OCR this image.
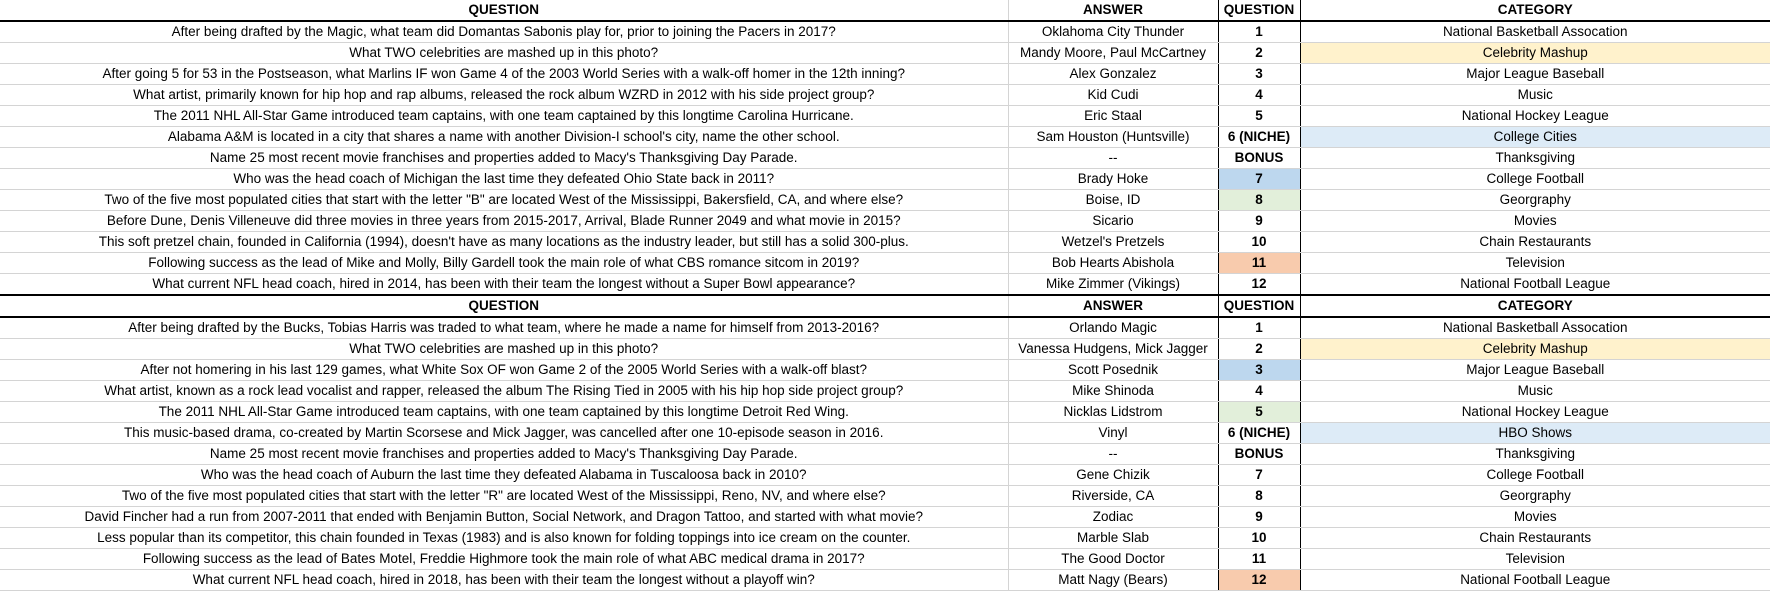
QUESTION	ANSWER	QUESTION	CATEGORY
After being drafted by the Magic, what team did Domantas Sabonis play for, prior to joining the Pacers in 2017?	Oklahoma City Thunder	1	National Basketball Assocation
What TWO celebrities are mashed up in this photo?	Mandy Moore, Paul McCartney	2	Celebrity Mashup
After going 5 for 53 in the Postseason, what Marlins IF won Game 4 of the 2003 World Series with a walk-off homer in the 12th inning?	Alex Gonzalez	3	Major League Baseball
What artist, primarily known for hip hop and rap albums, released the rock album WZRD in 2012 with his side project group?	Kid Cudi	4	Music
The 2011 NHL All-Star Game introduced team captains, with one team captained by this longtime Carolina Hurricane.	Eric Staal	5	National Hockey League
Alabama A&M is located in a city that shares a name with another Division-I school's city, name the other school.	Sam Houston (Huntsville)	6 (NICHE)	College Cities
Name 25 most recent movie franchises and properties added to Macy's Thanksgiving Day Parade.	--	BONUS	Thanksgiving
Who was the head coach of Michigan the last time they defeated Ohio State back in 2011?	Brady Hoke	7	College Football
Two of the five most populated cities that start with the letter "B" are located West of the Mississippi, Bakersfield, CA, and where else?	Boise, ID	8	Georgraphy
Before Dune, Denis Villeneuve did three movies in three years from 2015-2017, Arrival, Blade Runner 2049 and what movie in 2015?	Sicario	9	Movies
This soft pretzel chain, founded in California (1994), doesn't have as many locations as the industry leader, but still has a solid 300-plus.	Wetzel's Pretzels	10	Chain Restaurants
Following success as the lead of Mike and Molly, Billy Gardell took the main role of what CBS romance sitcom in 2019?	Bob Hearts Abishola	11	Television
What current NFL head coach, hired in 2014, has been with their team the longest without a Super Bowl appearance?	Mike Zimmer (Vikings)	12	National Football League
QUESTION	ANSWER	QUESTION	CATEGORY
After being drafted by the Bucks, Tobias Harris was traded to what team, where he made a name for himself from 2013-2016?	Orlando Magic	1	National Basketball Assocation
What TWO celebrities are mashed up in this photo?	Vanessa Hudgens, Mick Jagger	2	Celebrity Mashup
After not homering in his last 129 games, what White Sox OF won Game 2 of the 2005 World Series with a walk-off blast?	Scott Posednik	3	Major League Baseball
What artist, known as a rock lead vocalist and rapper, released the album The Rising Tied in 2005 with his hip hop side project group?	Mike Shinoda	4	Music
The 2011 NHL All-Star Game introduced team captains, with one team captained by this longtime Detroit Red Wing.	Nicklas Lidstrom	5	National Hockey League
This music-based drama, co-created by Martin Scorsese and Mick Jagger, was cancelled after one 10-episode season in 2016.	Vinyl	6 (NICHE)	HBO Shows
Name 25 most recent movie franchises and properties added to Macy's Thanksgiving Day Parade.	--	BONUS	Thanksgiving
Who was the head coach of Auburn the last time they defeated Alabama in Tuscaloosa back in 2010?	Gene Chizik	7	College Football
Two of the five most populated cities that start with the letter "R" are located West of the Mississippi, Reno, NV, and where else?	Riverside, CA	8	Georgraphy
David Fincher had a run from 2007-2011 that ended with Benjamin Button, Social Network, and Dragon Tattoo, and started with what movie?	Zodiac	9	Movies
Less popular than its competitor, this chain founded in Texas (1983) and is also known for folding toppings into ice cream on the counter.	Marble Slab	10	Chain Restaurants
Following success as the lead of Bates Motel, Freddie Highmore took the main role of what ABC medical drama in 2017?	The Good Doctor	11	Television
What current NFL head coach, hired in 2018, has been with their team the longest without a playoff win?	Matt Nagy (Bears)	12	National Football League
